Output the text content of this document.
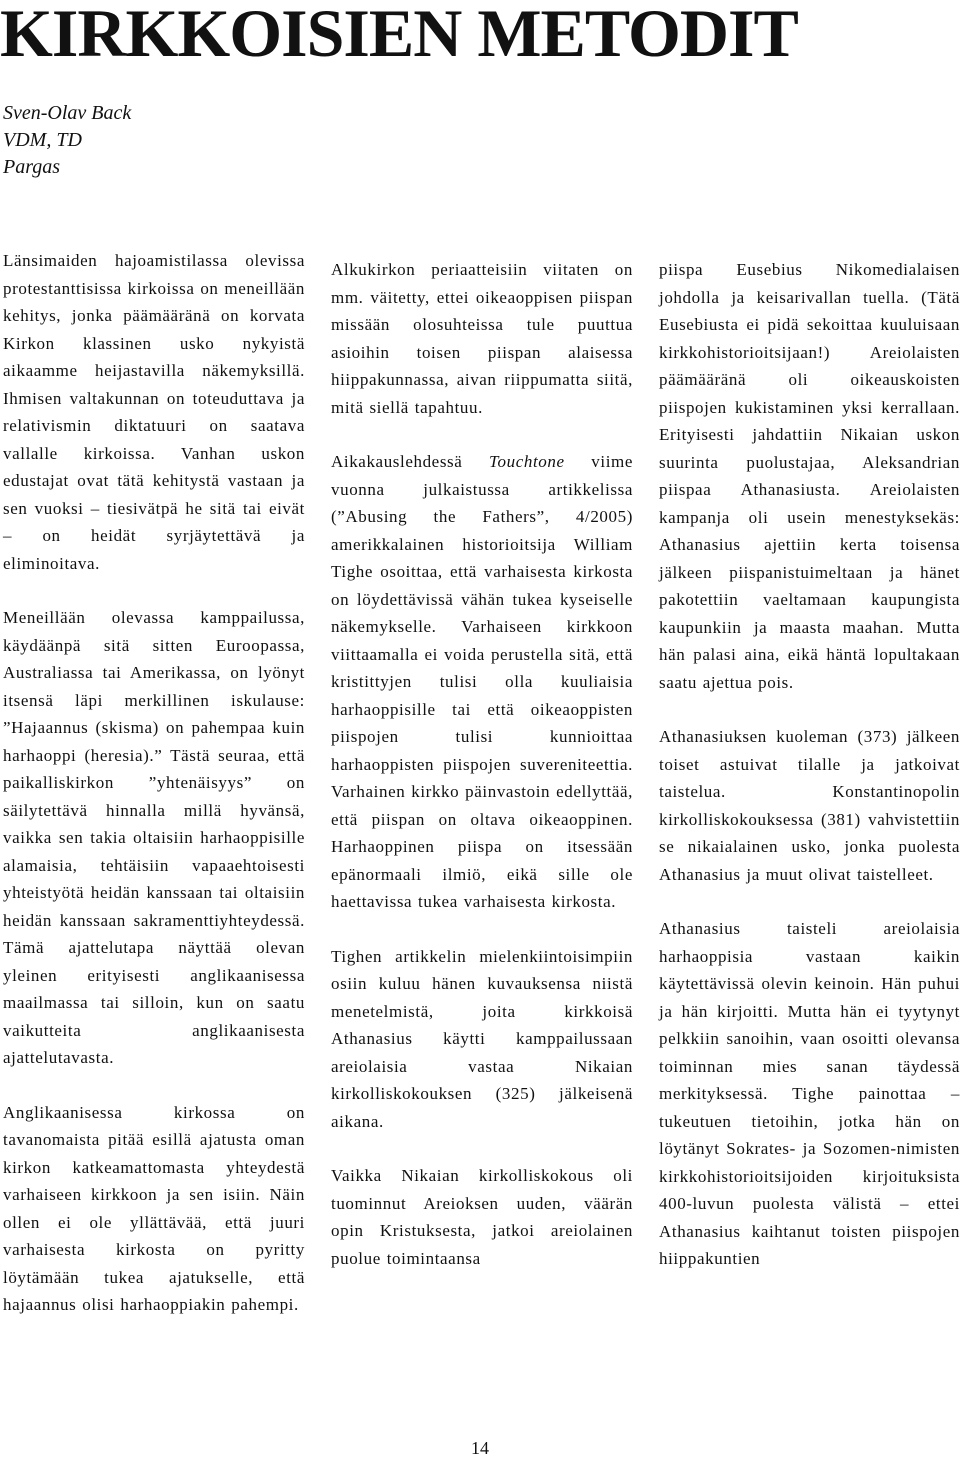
KIRKKOISIEN METODIT
Sven-Olav Back
VDM, TD
Pargas

Länsimaiden hajoamistilassa olevissa protestanttisissa kirkoissa on meneillään kehitys, jonka päämääränä on korvata Kirkon klassinen usko nykyistä aikaamme heijastavilla näkemyksillä. Ihmisen valtakunnan on toteuduttava ja relativismin diktatuuri on saatava vallalle kirkoissa. Vanhan uskon edustajat ovat tätä kehitystä vastaan ja sen vuoksi – tiesivätpä he sitä tai eivät – on heidät syrjäytettävä ja eliminoitava.

Meneillään olevassa kamppailussa, käydäänpä sitä sitten Euroopassa, Australiassa tai Amerikassa, on lyönyt itsensä läpi merkillinen iskulause: ”Hajaannus (skisma) on pahempaa kuin harhaoppi (heresia).” Tästä seuraa, että paikalliskirkon ”yhtenäisyys” on säilytettävä hinnalla millä hyvänsä, vaikka sen takia oltaisiin harhaoppisille alamaisia, tehtäisiin vapaaehtoisesti yhteistyötä heidän kanssaan tai oltaisiin heidän kanssaan sakramenttiyhteydessä. Tämä ajattelutapa näyttää olevan yleinen erityisesti anglikaanisessa maailmassa tai silloin, kun on saatu vaikutteita anglikaanisesta ajattelutavasta.

Anglikaanisessa kirkossa on tavanomaista pitää esillä ajatusta oman kirkon katkeamattomasta yhteydestä varhaiseen kirkkoon ja sen isiin. Näin ollen ei ole yllättävää, että juuri varhaisesta kirkosta on pyritty löytämään tukea ajatukselle, että hajaannus olisi harhaoppiakin pahempi.

Alkukirkon periaatteisiin viitaten on mm. väitetty, ettei oikeaoppisen piispan missään olosuhteissa tule puuttua asioihin toisen piispan alaisessa hiippakunnassa, aivan riippumatta siitä, mitä siellä tapahtuu.

Aikakauslehdessä Touchtone viime vuonna julkaistussa artikkelissa (”Abusing the Fathers”, 4/2005) amerikkalainen historioitsija William Tighe osoittaa, että varhaisesta kirkosta on löydettävissä vähän tukea kyseiselle näkemykselle. Varhaiseen kirkkoon viittaamalla ei voida perustella sitä, että kristittyjen tulisi olla kuuliaisia harhaoppisille tai että oikeaoppisten piispojen tulisi kunnioittaa harhaoppisten piispojen suvereniteettia. Varhainen kirkko päinvastoin edellyttää, että piispan on oltava oikeaoppinen. Harhaoppinen piispa on itsessään epänormaali ilmiö, eikä sille ole haettavissa tukea varhaisesta kirkosta.

Tighen artikkelin mielenkiintoisimpiin osiin kuluu hänen kuvauksensa niistä menetelmistä, joita kirkkoisä Athanasius käytti kamppailussaan areiolaisia vastaa Nikaian kirkolliskokouksen (325) jälkeisenä aikana.

Vaikka Nikaian kirkolliskokous oli tuominnut Areioksen uuden, väärän opin Kristuksesta, jatkoi areiolainen puolue toimintaansa

piispa Eusebius Nikomedialaisen johdolla ja keisarivallan tuella. (Tätä Eusebiusta ei pidä sekoittaa kuuluisaan kirkkohistorioitsijaan!) Areiolaisten päämääränä oli oikeauskoisten piispojen kukistaminen yksi kerrallaan. Erityisesti jahdattiin Nikaian uskon suurinta puolustajaa, Aleksandrian piispaa Athanasiusta. Areiolaisten kampanja oli usein menestyksekäs: Athanasius ajettiin kerta toisensa jälkeen piispanistuimeltaan ja hänet pakotettiin vaeltamaan kaupungista kaupunkiin ja maasta maahan. Mutta hän palasi aina, eikä häntä lopultakaan saatu ajettua pois.

Athanasiuksen kuoleman (373) jälkeen toiset astuivat tilalle ja jatkoivat taistelua. Konstantinopolin kirkolliskokouksessa (381) vahvistettiin se nikaialainen usko, jonka puolesta Athanasius ja muut olivat taistelleet.

Athanasius taisteli areiolaisia harhaoppisia vastaan kaikin käytettävissä olevin keinoin. Hän puhui ja hän kirjoitti. Mutta hän ei tyytynyt pelkkiin sanoihin, vaan osoitti olevansa toiminnan mies sanan täydessä merkityksessä. Tighe painottaa – tukeutuen tietoihin, jotka hän on löytänyt Sokrates- ja Sozomen-nimisten kirkkohistorioitsijoiden kirjoituksista 400-luvun puolesta välistä – ettei Athanasius kaihtanut toisten piispojen hiippakuntien

14
